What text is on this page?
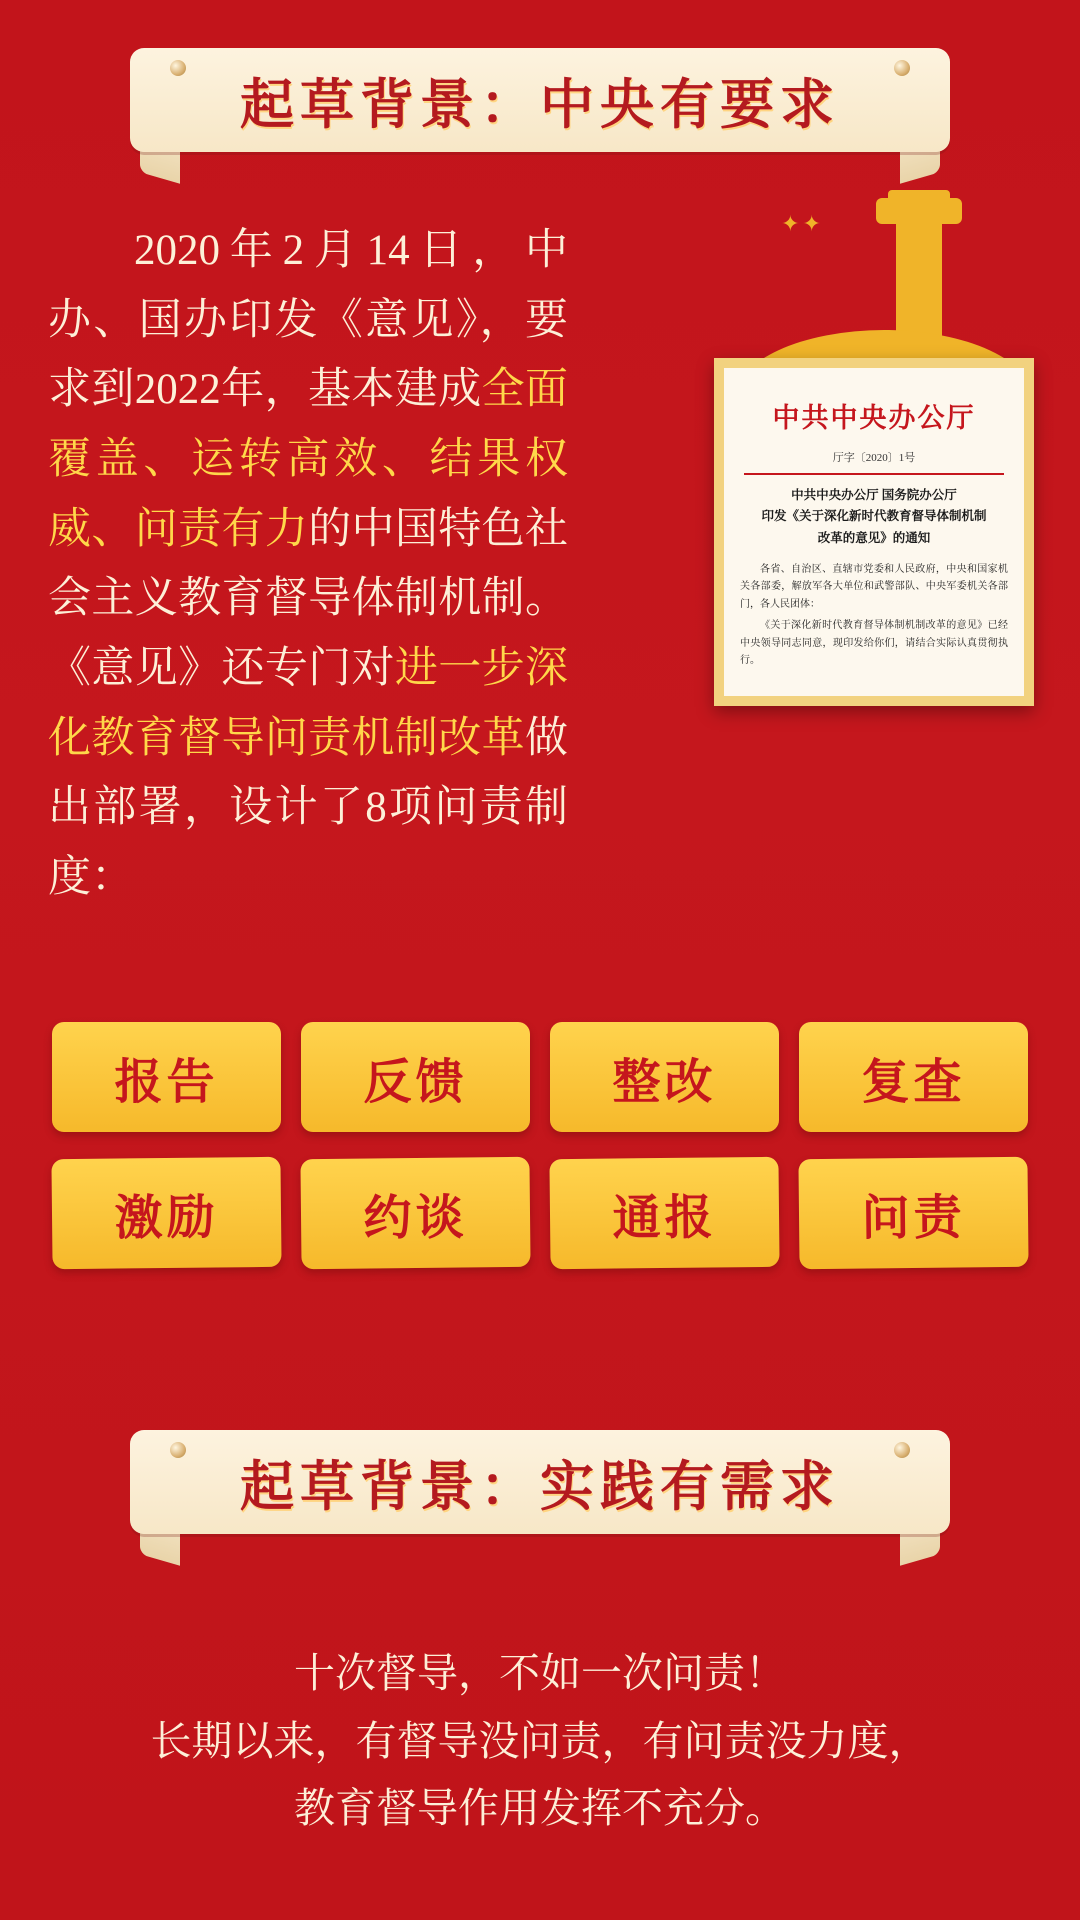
起草背景：中央有要求
2020年2月14日，中办、国办印发《意见》，要求到2022年，基本建成全面覆盖、运转高效、结果权威、问责有力的中国特色社会主义教育督导体制机制。《意见》还专门对进一步深化教育督导问责机制改革做出部署，设计了8项问责制度：
✦✦
中共中央办公厅
厅字〔2020〕1号
中共中央办公厅 国务院办公厅
印发《关于深化新时代教育督导体制机制
改革的意见》的通知

各省、自治区、直辖市党委和人民政府，中央和国家机关各部委，解放军各大单位和武警部队、中央军委机关各部门，各人民团体：

《关于深化新时代教育督导体制机制改革的意见》已经中央领导同志同意，现印发给你们，请结合实际认真贯彻执行。

报告	反馈	整改	复查
激励	约谈	通报	问责
起草背景：实践有需求
十次督导，不如一次问责！
长期以来，有督导没问责，有问责没力度，
教育督导作用发挥不充分。
